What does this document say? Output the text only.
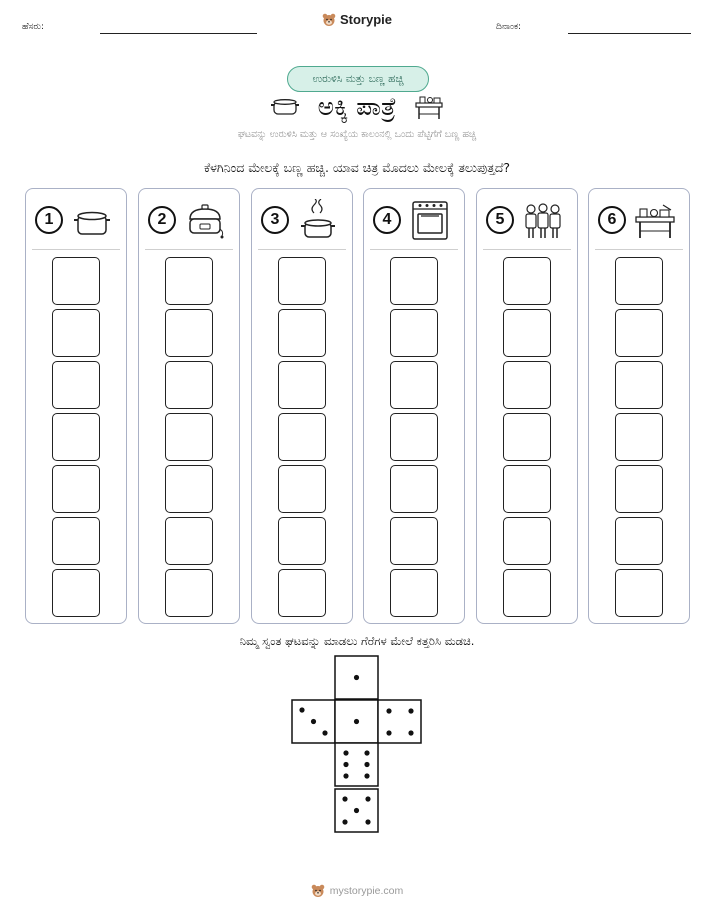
ಹೆಸರು:	Storypie	ದಿನಾಂಕ:
ಉರುಳಿಸಿ ಮತ್ತು ಬಣ್ಣ ಹಚ್ಚಿ
ಅಕ್ಕಿ ಪಾತ್ರೆ
ಘಟವನ್ನು ಉರುಳಿಸಿ ಮತ್ತು ಆ ಸಂಖ್ಯೆಯ ಕಾಲಂನಲ್ಲಿ ಒಂದು ಪೆಟ್ಟಿಗೆಗೆ ಬಣ್ಣ ಹಚ್ಚಿ
ಕೆಳಗಿನಿಂದ ಮೇಲಕ್ಕೆ ಬಣ್ಣ ಹಚ್ಚಿ. ಯಾವ ಚಿತ್ರ ಮೊದಲು ಮೇಲಕ್ಕೆ ತಲುಪುತ್ತದೆ?
1	2	3	4	5	6
ನಿಮ್ಮ ಸ್ವಂತ ಘಟವನ್ನು ಮಾಡಲು ಗೆರೆಗಳ ಮೇಲೆ ಕತ್ತರಿಸಿ ಮಡಚಿ.
mystorypie.com
